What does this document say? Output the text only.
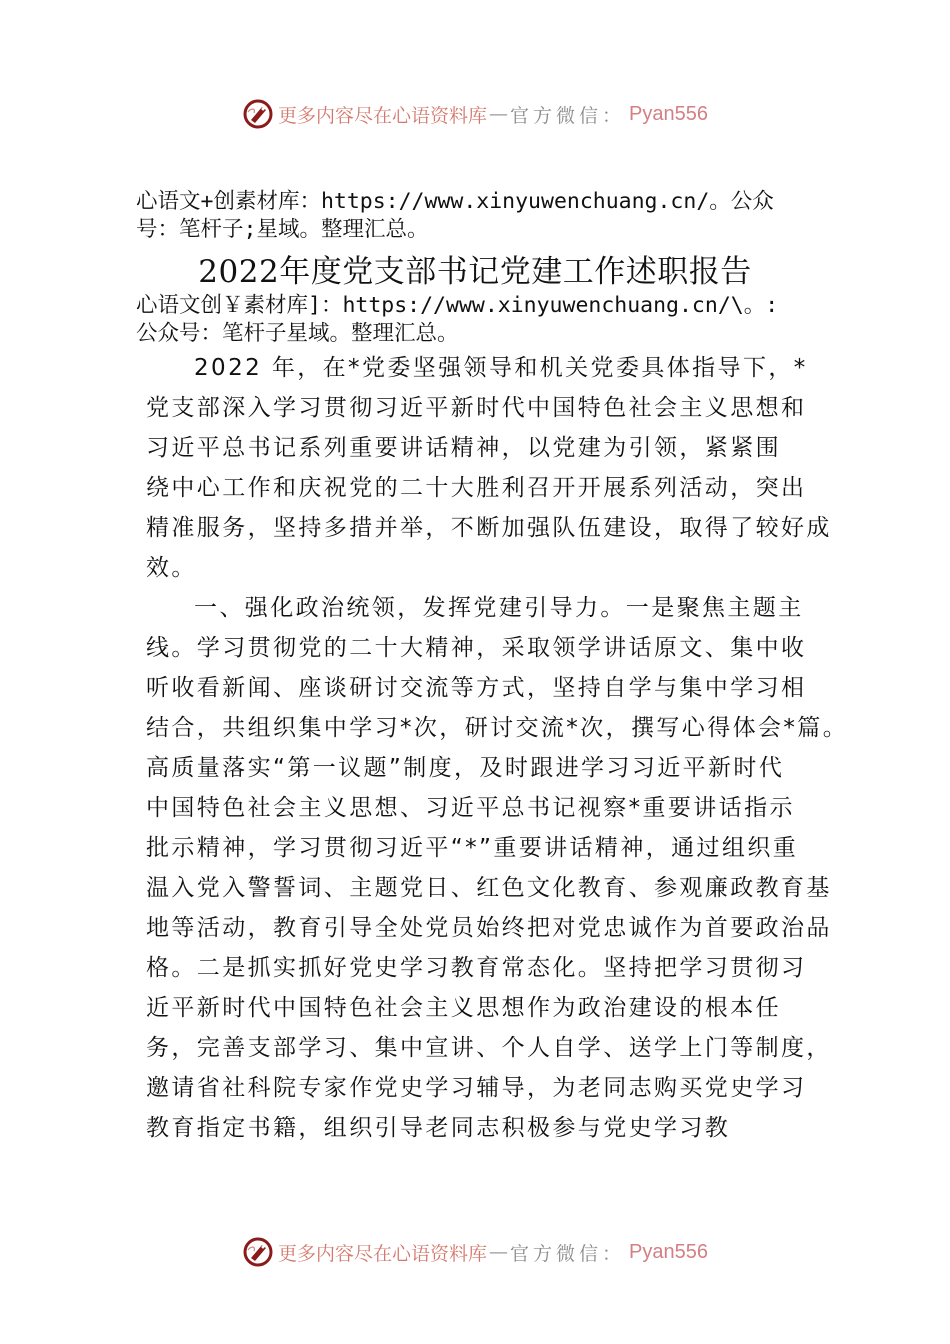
更多内容尽在心语资料库 — 官方微信： Pyan556
心语文+创素材库：https://www.xinyuwenchuang.cn/。公众
号：笔杆子;星域。整理汇总。
2022年度党支部书记党建工作述职报告
心语文创￥素材库]：https://www.xinyuwenchuang.cn/\。:
公众号：笔杆子星域。整理汇总。
2022 年，在*党委坚强领导和机关党委具体指导下，*
党支部深入学习贯彻习近平新时代中国特色社会主义思想和
习近平总书记系列重要讲话精神，以党建为引领，紧紧围
绕中心工作和庆祝党的二十大胜利召开开展系列活动，突出
精准服务，坚持多措并举，不断加强队伍建设，取得了较好成
效。
一、强化政治统领，发挥党建引导力。一是聚焦主题主
线。学习贯彻党的二十大精神，采取领学讲话原文、集中收
听收看新闻、座谈研讨交流等方式，坚持自学与集中学习相
结合，共组织集中学习*次，研讨交流*次，撰写心得体会*篇。
高质量落实“第一议题”制度，及时跟进学习习近平新时代
中国特色社会主义思想、习近平总书记视察*重要讲话指示
批示精神，学习贯彻习近平“*”重要讲话精神，通过组织重
温入党入警誓词、主题党日、红色文化教育、参观廉政教育基
地等活动，教育引导全处党员始终把对党忠诚作为首要政治品
格。二是抓实抓好党史学习教育常态化。坚持把学习贯彻习
近平新时代中国特色社会主义思想作为政治建设的根本任
务，完善支部学习、集中宣讲、个人自学、送学上门等制度，
邀请省社科院专家作党史学习辅导，为老同志购买党史学习
教育指定书籍，组织引导老同志积极参与党史学习教
更多内容尽在心语资料库 — 官方微信： Pyan556
